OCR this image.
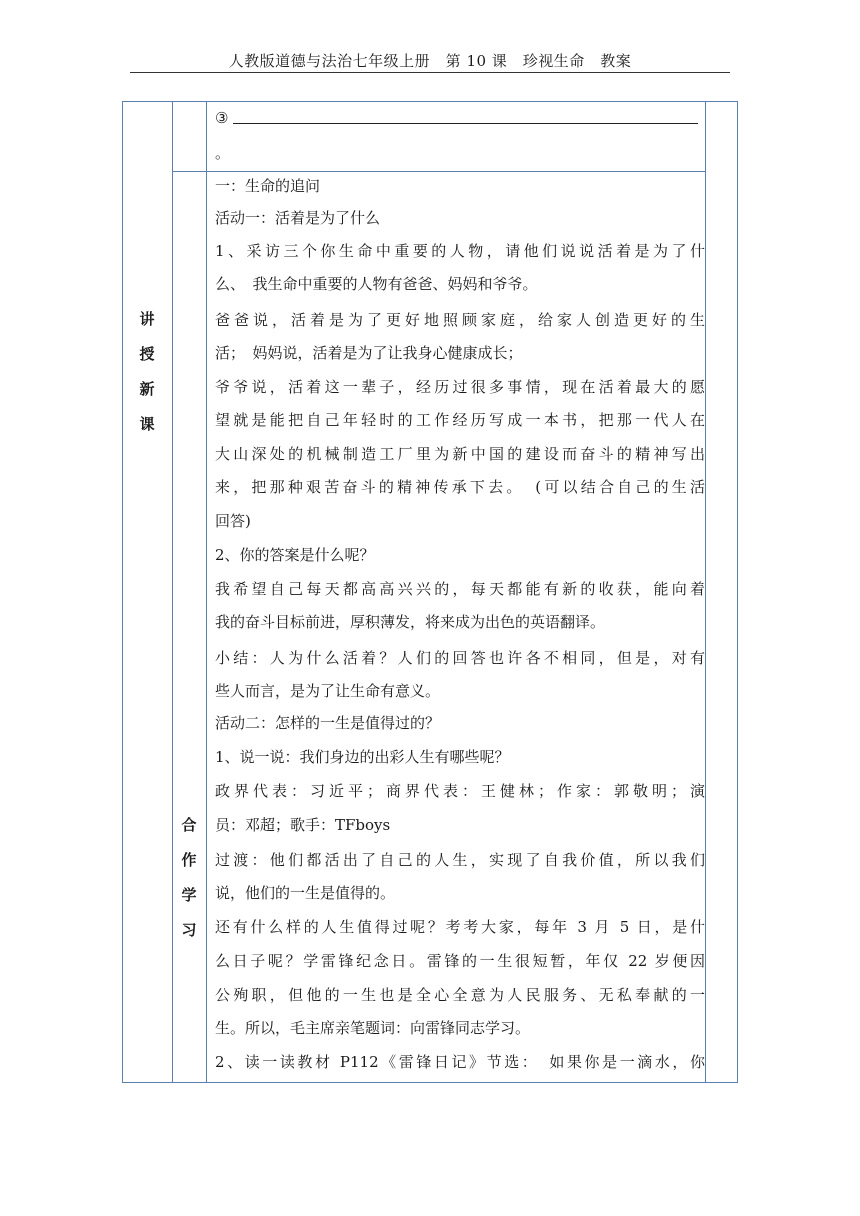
人教版道德与法治七年级上册　第 10 课　珍视生命　教案
讲
授
新
课
合
作
学
习
③
。
一：生命的追问
活动一：活着是为了什么
1、采访三个你生命中重要的人物，请他们说说活着是为了什
么、　我生命中重要的人物有爸爸、妈妈和爷爷。
爸爸说，活着是为了更好地照顾家庭，给家人创造更好的生
活；　妈妈说，活着是为了让我身心健康成长；
爷爷说，活着这一辈子，经历过很多事情，现在活着最大的愿
望就是能把自己年轻时的工作经历写成一本书，把那一代人在
大山深处的机械制造工厂里为新中国的建设而奋斗的精神写出
来，把那种艰苦奋斗的精神传承下去。　(可以结合自己的生活
回答)
2、你的答案是什么呢？
我希望自己每天都高高兴兴的，每天都能有新的收获，能向着
我的奋斗目标前进，厚积薄发，将来成为出色的英语翻译。
小结：人为什么活着？人们的回答也许各不相同，但是，对有
些人而言，是为了让生命有意义。
活动二：怎样的一生是值得过的？
1、说一说：我们身边的出彩人生有哪些呢？
政界代表：习近平；商界代表：王健林；作家：郭敬明；演
员：邓超；歌手：TFboys
过渡：他们都活出了自己的人生，实现了自我价值，所以我们
说，他们的一生是值得的。
还有什么样的人生值得过呢？考考大家，每年 3 月 5 日，是什
么日子呢？学雷锋纪念日。雷锋的一生很短暂，年仅 22 岁便因
公殉职，但他的一生也是全心全意为人民服务、无私奉献的一
生。所以，毛主席亲笔题词：向雷锋同志学习。
2、读一读教材 P112《雷锋日记》节选：　如果你是一滴水，你
